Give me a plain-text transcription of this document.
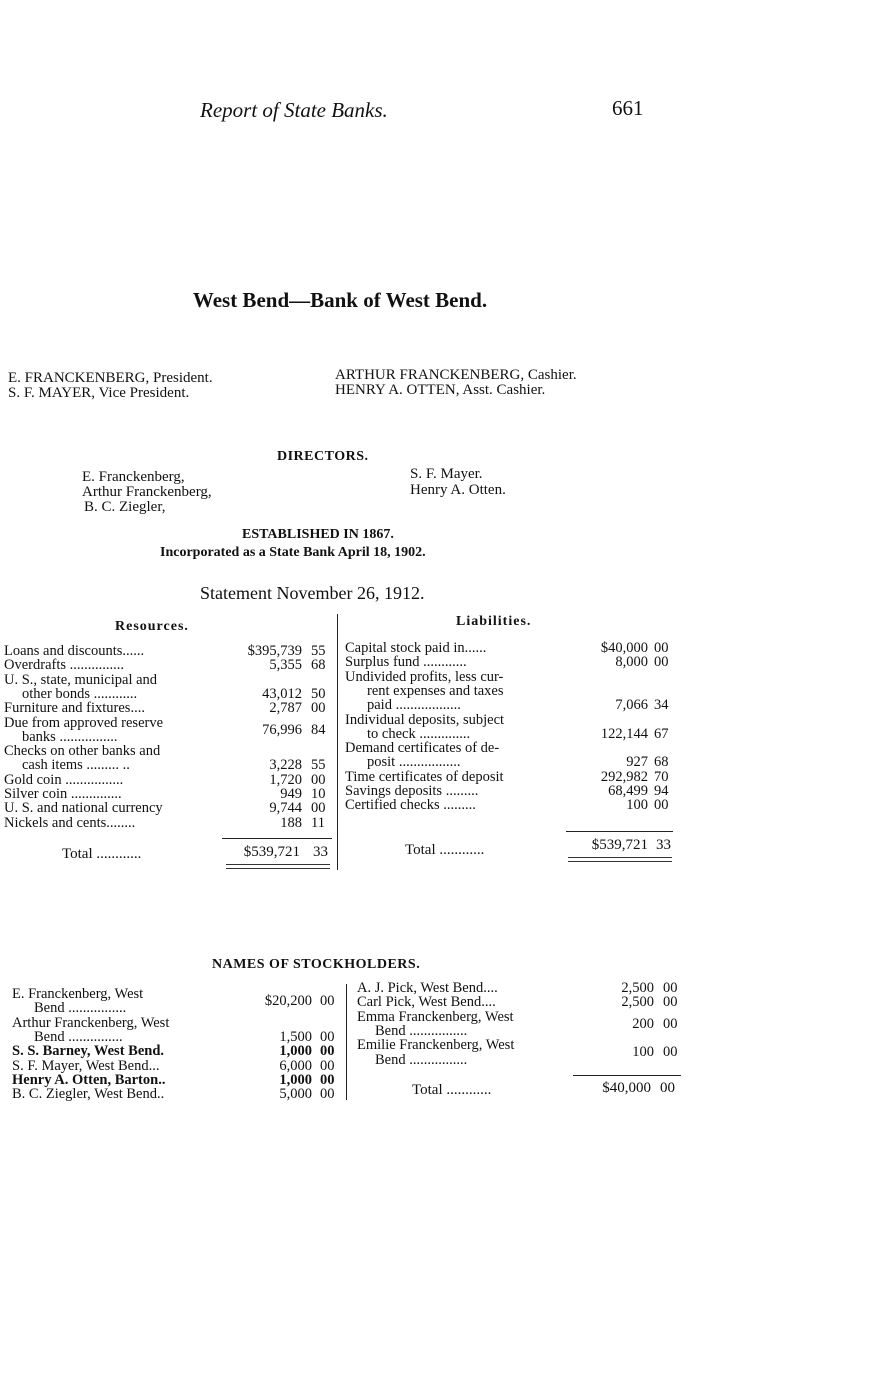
Report of State Banks.	661
West Bend—Bank of West Bend.
E. FRANCKENBERG, President.
S. F. MAYER, Vice President.
ARTHUR FRANCKENBERG, Cashier.
HENRY A. OTTEN, Asst. Cashier.
DIRECTORS.
E. Franckenberg,
Arthur Franckenberg,
B. C. Ziegler,
S. F. Mayer.
Henry A. Otten.
ESTABLISHED IN 1867.
Incorporated as a State Bank April 18, 1902.
Statement November 26, 1912.
Resources.	Liabilities.
Loans and discounts......	$395,739 55
Overdrafts ...............	5,355 68
U. S., state, municipal and
other bonds ............	43,012 50
Furniture and fixtures....	2,787 00
Due from approved reserve
banks ................	76,996 84
Checks on other banks and
cash items ......... ..	3,228 55
Gold coin ................	1,720 00
Silver coin ..............	949 10
U. S. and national currency	9,744 00
Nickels and cents........	188 11
Capital stock paid in......	$40,000 00
Surplus fund ............	8,000 00
Undivided profits, less cur-
rent expenses and taxes
paid ..................	7,066 34
Individual deposits, subject
to check ..............	122,144 67
Demand certificates of de-
posit .................	927 68
Time certificates of deposit	292,982 70
Savings deposits .........	68,499 94
Certified checks .........	100 00
Total ............	$539,721 33	Total ............	$539,721 33
NAMES OF STOCKHOLDERS.
E. Franckenberg, West
Bend ................	$20,200 00
Arthur Franckenberg, West
Bend ...............	1,500 00
S. S. Barney, West Bend.	1,000 00
S. F. Mayer, West Bend...	6,000 00
Henry A. Otten, Barton..	1,000 00
B. C. Ziegler, West Bend..	5,000 00
A. J. Pick, West Bend....	2,500 00
Carl Pick, West Bend....	2,500 00
Emma Franckenberg, West
Bend ................	200 00
Emilie Franckenberg, West
Bend ................	100 00
Total ............	$40,000 00
